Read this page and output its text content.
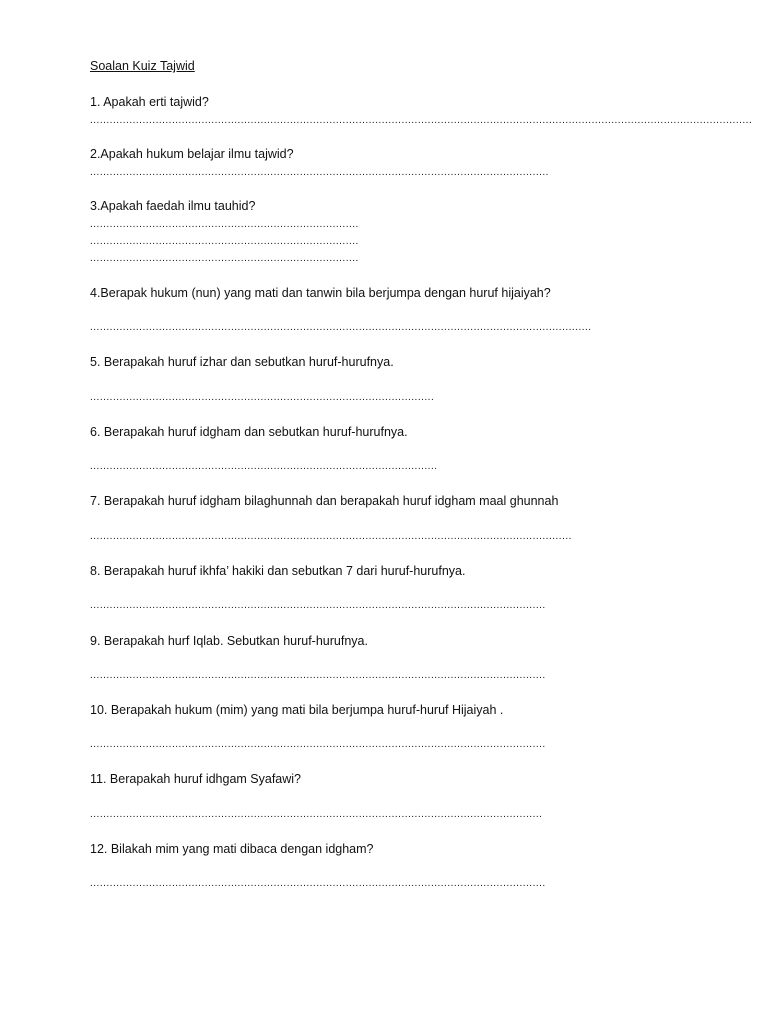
Soalan Kuiz Tajwid
1. Apakah erti tajwid?
..........................................................................................................................................................................................................
2.Apakah hukum belajar ilmu tajwid?
............................................................................................................................................
3.Apakah faedah ilmu tauhid?
..................................................................................
..................................................................................
..................................................................................
4.Berapak hukum (nun) yang mati dan tanwin bila berjumpa dengan huruf hijaiyah?
.........................................................................................................................................................
5. Berapakah huruf izhar dan sebutkan huruf-hurufnya.
.........................................................................................................
6. Berapakah huruf idgham dan sebutkan huruf-hurufnya.
..........................................................................................................
7. Berapakah huruf idgham bilaghunnah dan berapakah huruf idgham maal ghunnah
...................................................................................................................................................
8. Berapakah huruf ikhfa’ hakiki dan sebutkan 7 dari huruf-hurufnya.
...........................................................................................................................................
9. Berapakah hurf Iqlab. Sebutkan huruf-hurufnya.
...........................................................................................................................................
10. Berapakah hukum (mim) yang mati bila berjumpa huruf-huruf Hijaiyah .
...........................................................................................................................................
11. Berapakah huruf idhgam Syafawi?
..........................................................................................................................................
12. Bilakah mim yang mati dibaca dengan idgham?
...........................................................................................................................................
